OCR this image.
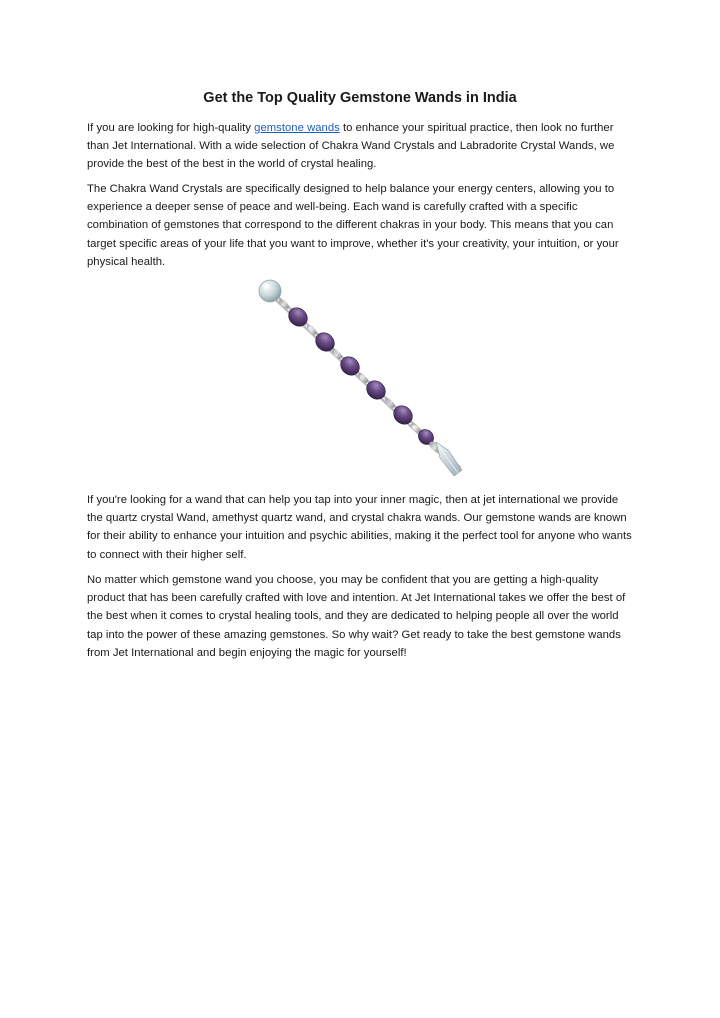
Get the Top Quality Gemstone Wands in India

If you are looking for high-quality gemstone wands to enhance your spiritual practice, then look no further than Jet International. With a wide selection of Chakra Wand Crystals and Labradorite Crystal Wands, we provide the best of the best in the world of crystal healing.

The Chakra Wand Crystals are specifically designed to help balance your energy centers, allowing you to experience a deeper sense of peace and well-being. Each wand is carefully crafted with a specific combination of gemstones that correspond to the different chakras in your body. This means that you can target specific areas of your life that you want to improve, whether it's your creativity, your intuition, or your physical health.

If you're looking for a wand that can help you tap into your inner magic, then at jet international we provide the quartz crystal Wand, amethyst quartz wand, and crystal chakra wands. Our gemstone wands are known for their ability to enhance your intuition and psychic abilities, making it the perfect tool for anyone who wants to connect with their higher self.

No matter which gemstone wand you choose, you may be confident that you are getting a high-quality product that has been carefully crafted with love and intention. At Jet International takes we offer the best of the best when it comes to crystal healing tools, and they are dedicated to helping people all over the world tap into the power of these amazing gemstones. So why wait? Get ready to take the best gemstone wands from Jet International and begin enjoying the magic for yourself!
